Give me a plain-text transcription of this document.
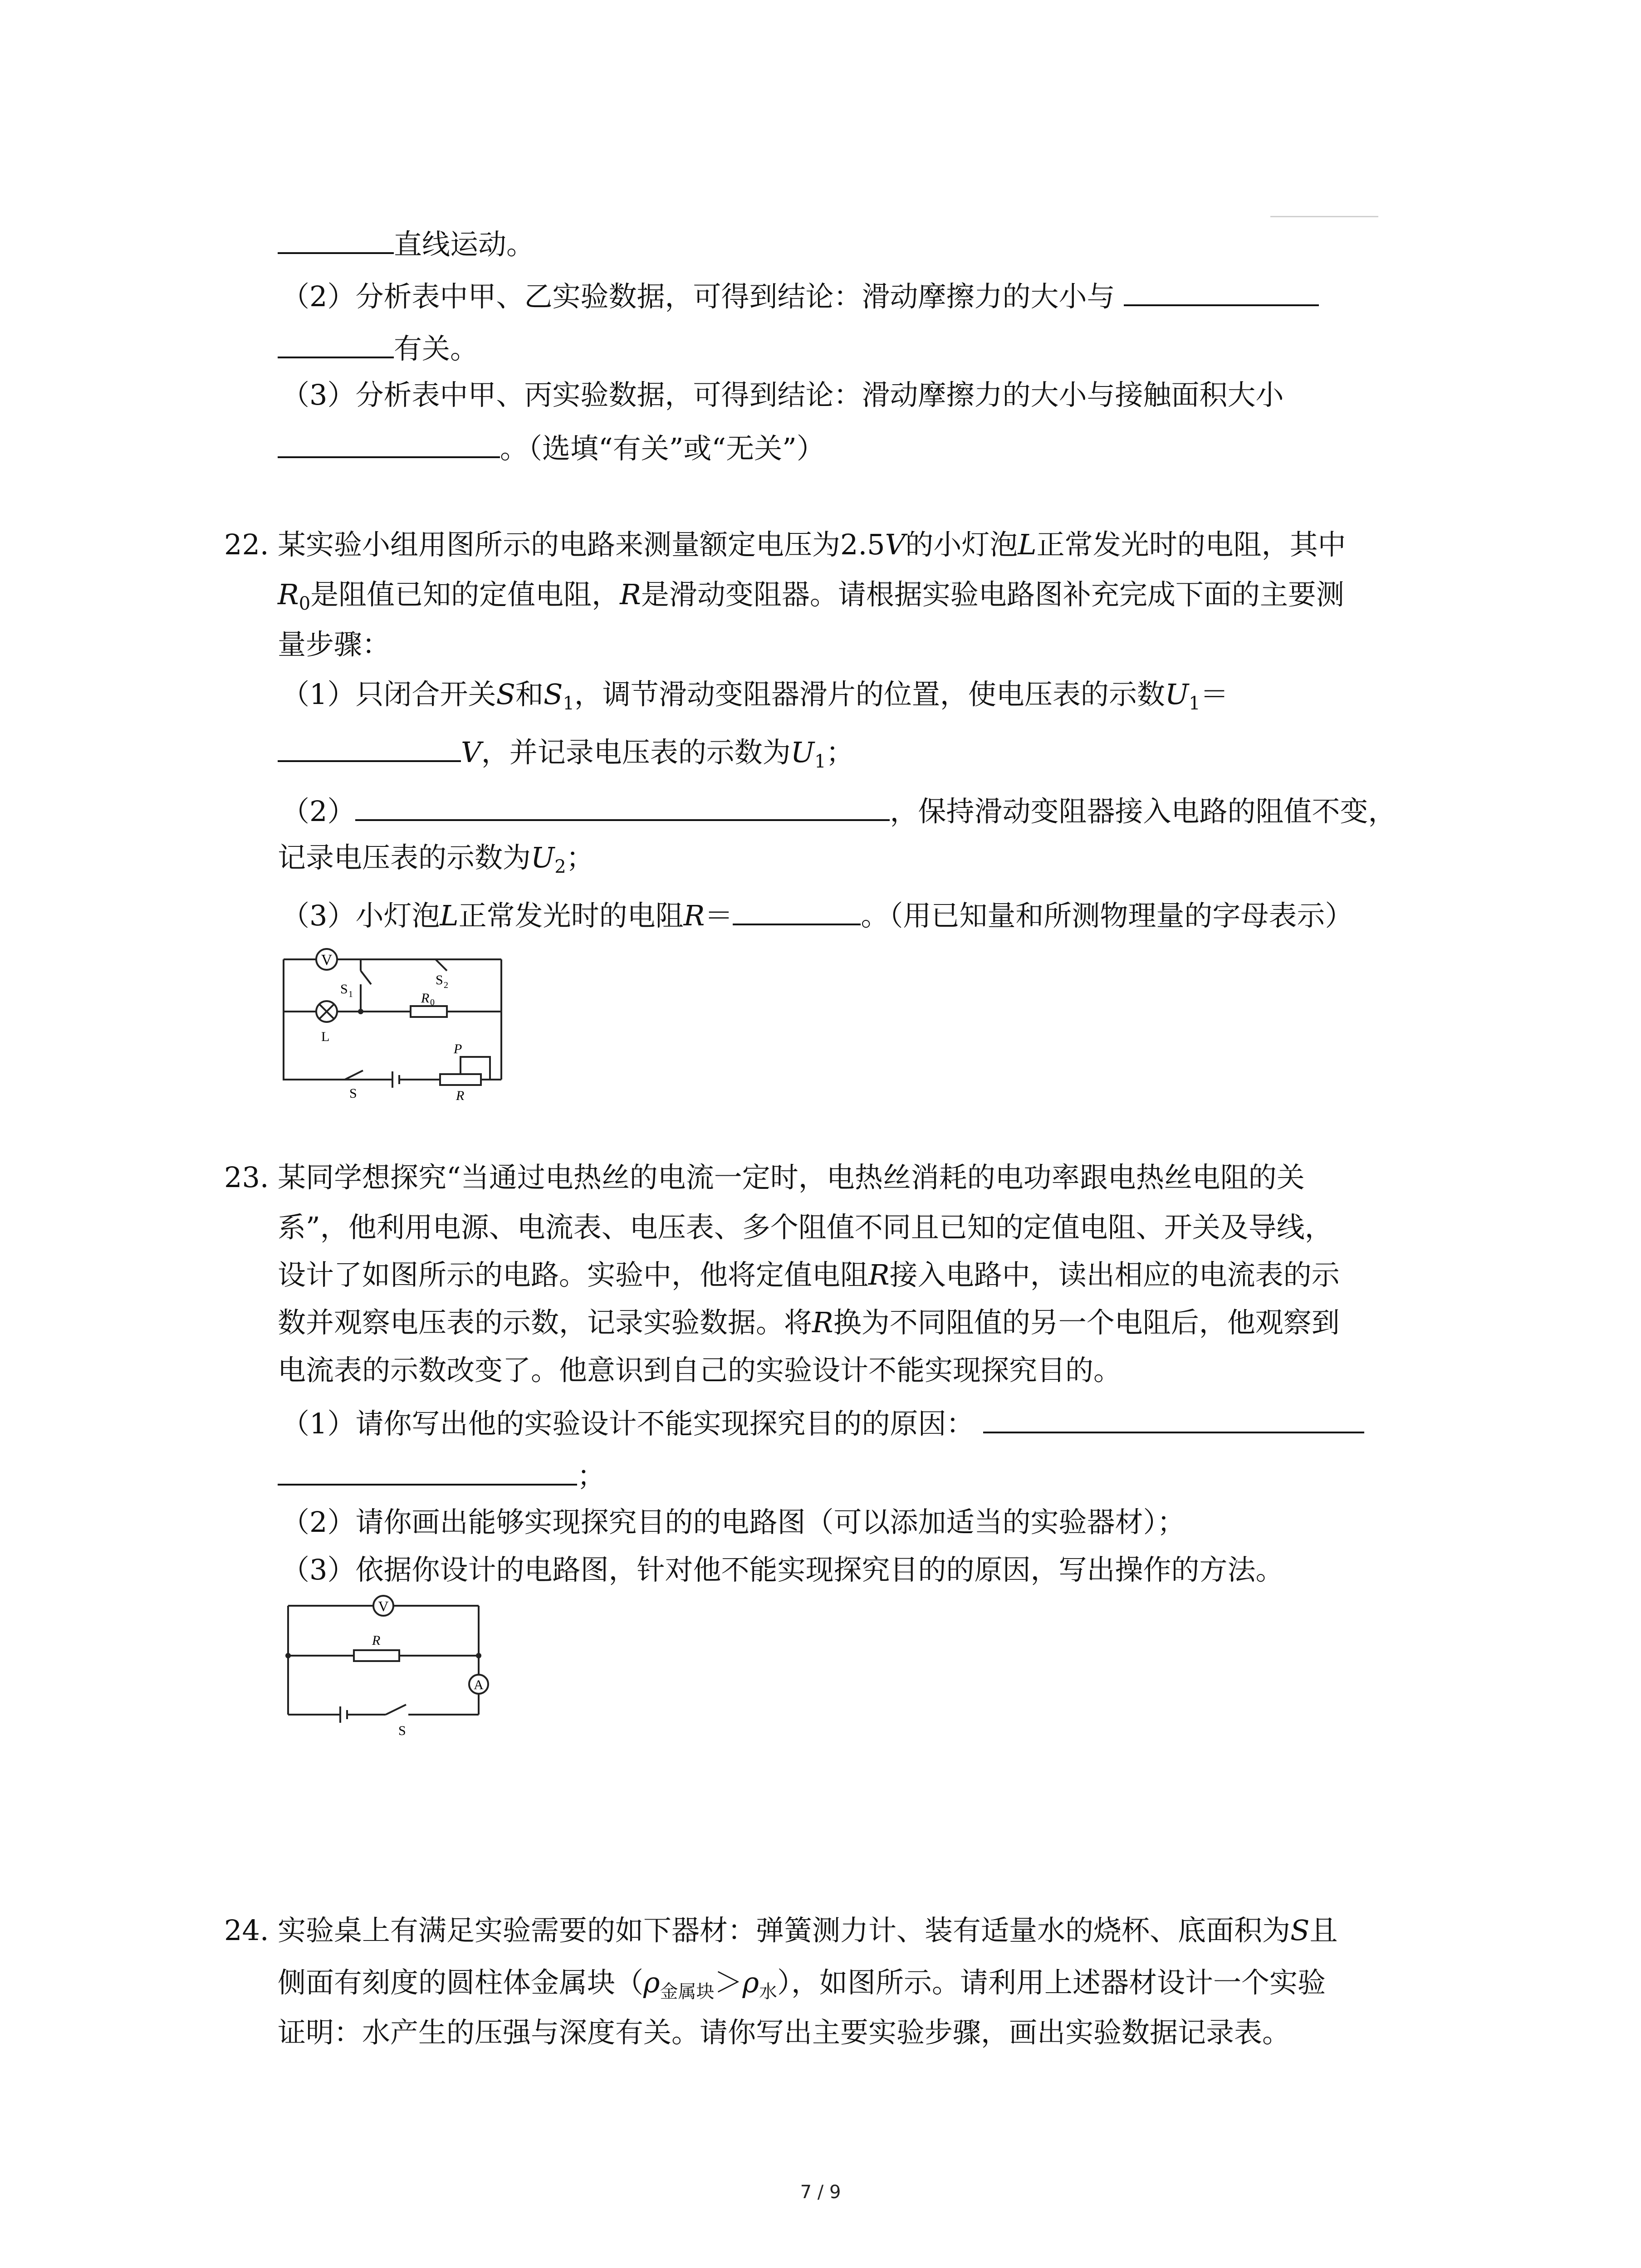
直线运动。
（2）分析表中甲、乙实验数据，可得到结论：滑动摩擦力的大小与
有关。
（3）分析表中甲、丙实验数据，可得到结论：滑动摩擦力的大小与接触面积大小
。（选填“有关”或“无关”）
22. 某实验小组用图所示的电路来测量额定电压为2.5V的小灯泡L正常发光时的电阻，其中
$R_0$是阻值已知的定值电阻，R是滑动变阻器。请根据实验电路图补充完成下面的主要测
量步骤：
（1）只闭合开关S和$S_1$，调节滑动变阻器滑片的位置，使电压表的示数$U_1=$
V，并记录电压表的示数为$U_1$；
（2）	，保持滑动变阻器接入电路的阻值不变，
记录电压表的示数为$U_2$；
（3）小灯泡L正常发光时的电阻R＝	。（用已知量和所测物理量的字母表示）
V
S 1
S 2
R 0
L
P
S	R
23. 某同学想探究“当通过电热丝的电流一定时，电热丝消耗的电功率跟电热丝电阻的关
系”，他利用电源、电流表、电压表、多个阻值不同且已知的定值电阻、开关及导线，
设计了如图所示的电路。实验中，他将定值电阻R接入电路中，读出相应的电流表的示
数并观察电压表的示数，记录实验数据。将R换为不同阻值的另一个电阻后，他观察到
电流表的示数改变了。他意识到自己的实验设计不能实现探究目的。
（1）请你写出他的实验设计不能实现探究目的的原因：
；
（2）请你画出能够实现探究目的的电路图（可以添加适当的实验器材）；
（3）依据你设计的电路图，针对他不能实现探究目的的原因，写出操作的方法。
V
R
A
S
24. 实验桌上有满足实验需要的如下器材：弹簧测力计、装有适量水的烧杯、底面积为S且
侧面有刻度的圆柱体金属块$(\rho_{金属块}>\rho_水)$，如图所示。请利用上述器材设计一个实验
证明：水产生的压强与深度有关。请你写出主要实验步骤，画出实验数据记录表。
7 / 9
